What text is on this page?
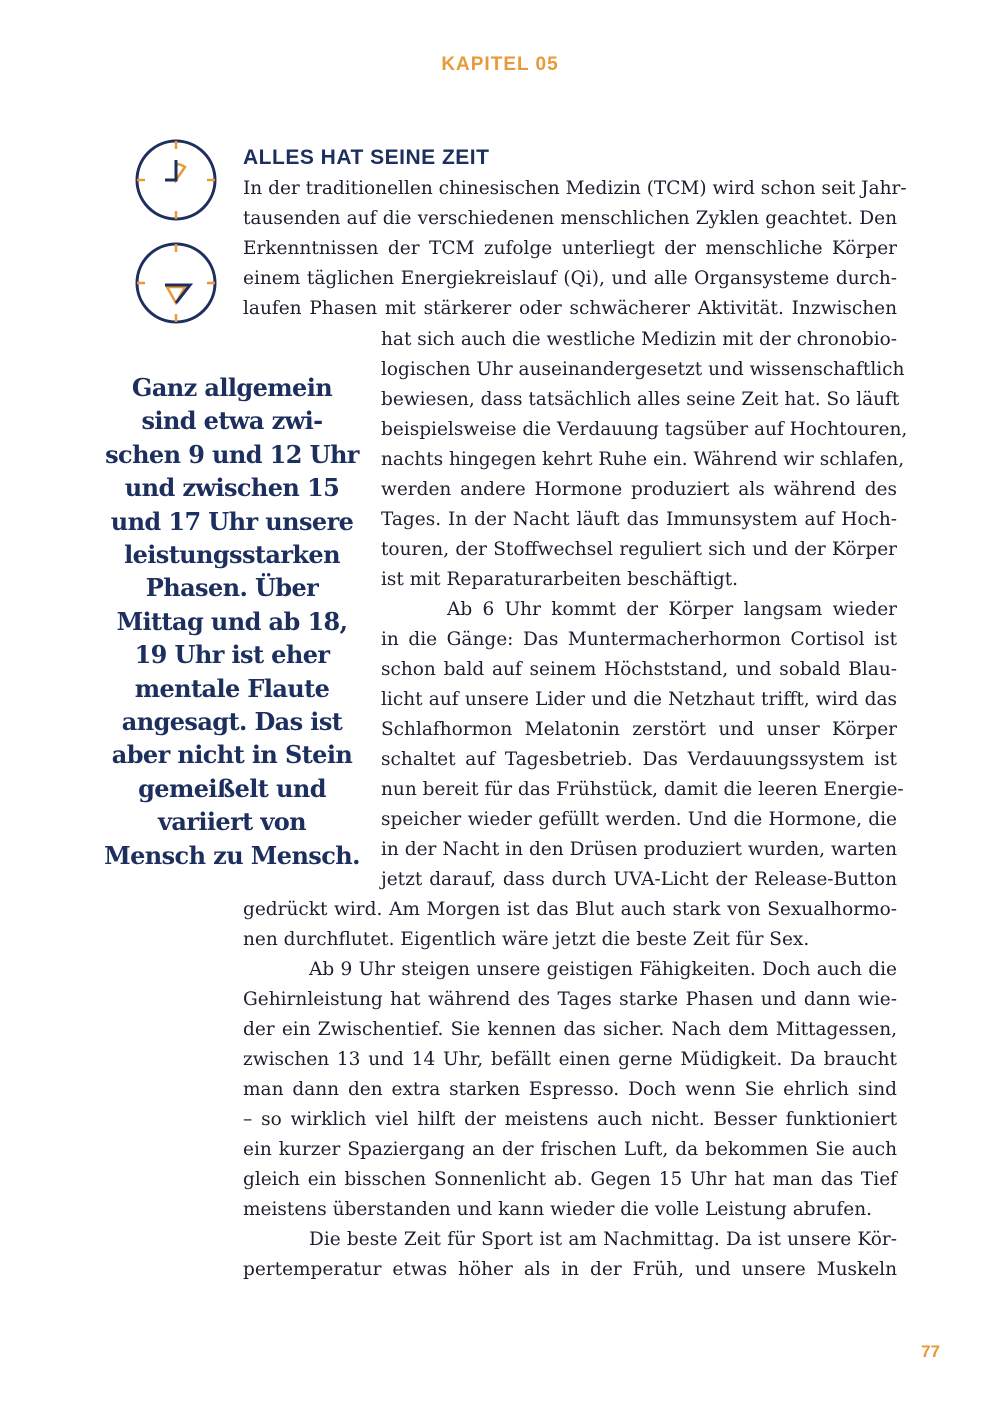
KAPITEL 05
ALLES HAT SEINE ZEIT

In der traditionellen chinesischen Medizin (TCM) wird schon seit Jahr-
tausenden auf die verschiedenen menschlichen Zyklen geachtet. Den
Erkenntnissen der TCM zufolge unterliegt der menschliche Körper
einem täglichen Energiekreislauf (Qi), und alle Organsysteme durch-
laufen Phasen mit stärkerer oder schwächerer Aktivität. Inzwischen

hat sich auch die westliche Medizin mit der chronobio-
logischen Uhr auseinandergesetzt und wissenschaftlich
bewiesen, dass tatsächlich alles seine Zeit hat. So läuft
beispielsweise die Verdauung tagsüber auf Hochtouren,
nachts hingegen kehrt Ruhe ein. Während wir schlafen,
werden andere Hormone produziert als während des
Tages. In der Nacht läuft das Immunsystem auf Hoch-
touren, der Stoffwechsel reguliert sich und der Körper
ist mit Reparaturarbeiten beschäftigt.
Ab 6 Uhr kommt der Körper langsam wieder
in die Gänge: Das Muntermacherhormon Cortisol ist
schon bald auf seinem Höchststand, und sobald Blau-
licht auf unsere Lider und die Netzhaut trifft, wird das
Schlafhormon Melatonin zerstört und unser Körper
schaltet auf Tagesbetrieb. Das Verdauungssystem ist
nun bereit für das Frühstück, damit die leeren Energie-
speicher wieder gefüllt werden. Und die Hormone, die
in der Nacht in den Drüsen produziert wurden, warten
jetzt darauf, dass durch UVA-Licht der Release-Button

Ganz allgemein
sind etwa zwi-
schen 9 und 12 Uhr
und zwischen 15
und 17 Uhr unsere
leistungsstarken
Phasen. Über
Mittag und ab 18,
19 Uhr ist eher
mentale Flaute
angesagt. Das ist
aber nicht in Stein
gemeißelt und
variiert von
Mensch zu Mensch.

gedrückt wird. Am Morgen ist das Blut auch stark von Sexualhormo-
nen durchflutet. Eigentlich wäre jetzt die beste Zeit für Sex.
Ab 9 Uhr steigen unsere geistigen Fähigkeiten. Doch auch die
Gehirnleistung hat während des Tages starke Phasen und dann wie-
der ein Zwischentief. Sie kennen das sicher. Nach dem Mittagessen,
zwischen 13 und 14 Uhr, befällt einen gerne Müdigkeit. Da braucht
man dann den extra starken Espresso. Doch wenn Sie ehrlich sind
– so wirklich viel hilft der meistens auch nicht. Besser funktioniert
ein kurzer Spaziergang an der frischen Luft, da bekommen Sie auch
gleich ein bisschen Sonnenlicht ab. Gegen 15 Uhr hat man das Tief
meistens überstanden und kann wieder die volle Leistung abrufen.
Die beste Zeit für Sport ist am Nachmittag. Da ist unsere Kör-
pertemperatur etwas höher als in der Früh, und unsere Muskeln

77
